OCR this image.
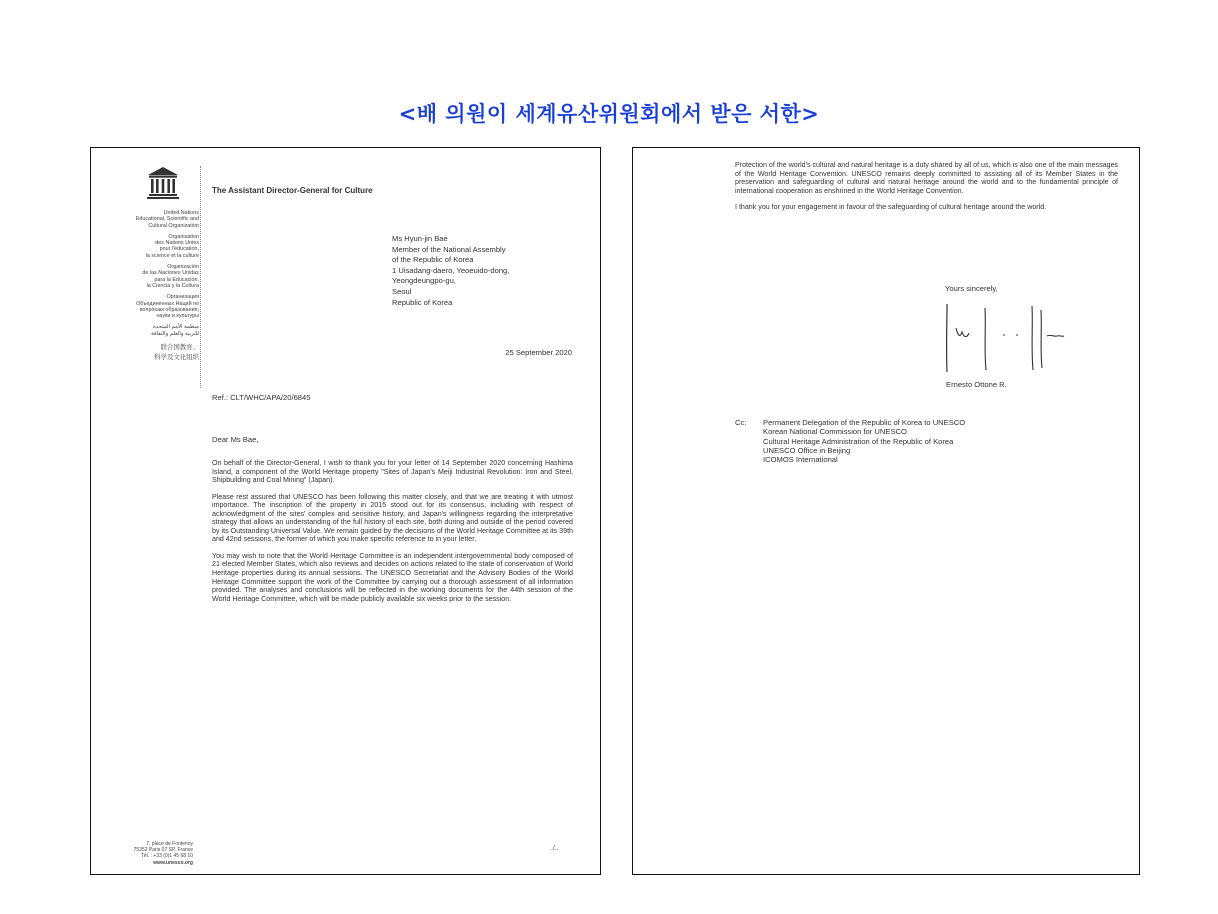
<배 의원이 세계유산위원회에서 받은 서한>
United Nations
Educational, Scientific and
Cultural Organization
Organisation
des Nations Unies
pour l'éducation,
la science et la culture
Organización
de las Naciones Unidas
para la Educación,
la Ciencia y la Cultura
Организация
Объединенных Наций по
вопросам образования,
науки и культуры
منظمة الأمم المتحدة
للتربية والعلم والثقافة
联合国教育、
科学及文化组织
The Assistant Director-General for Culture
Ms Hyun-jin Bae
Member of the National Assembly
of the Republic of Korea
1 Uisadang-daero, Yeoeuido-dong,
Yeongdeungpo-gu,
Seoul
Republic of Korea
25 September 2020
Ref.: CLT/WHC/APA/20/6845
Dear Ms Bae,

On behalf of the Director-General, I wish to thank you for your letter of 14 September 2020 concerning Hashima Island, a component of the World Heritage property "Sites of Japan's Meiji Industrial Revolution: Iron and Steel, Shipbuilding and Coal Mining" (Japan).

Please rest assured that UNESCO has been following this matter closely, and that we are treating it with utmost importance. The inscription of the property in 2015 stood out for its consensus, including with respect of acknowledgment of the sites' complex and sensitive history, and Japan's willingness regarding the interpretative strategy that allows an understanding of the full history of each site, both during and outside of the period covered by its Outstanding Universal Value. We remain guided by the decisions of the World Heritage Committee at its 39th and 42nd sessions, the former of which you make specific reference to in your letter.

You may wish to note that the World Heritage Committee is an independent intergovernmental body composed of 21 elected Member States, which also reviews and decides on actions related to the state of conservation of World Heritage properties during its annual sessions. The UNESCO Secretariat and the Advisory Bodies of the World Heritage Committee support the work of the Committee by carrying out a thorough assessment of all information provided. The analyses and conclusions will be reflected in the working documents for the 44th session of the World Heritage Committee, which will be made publicly available six weeks prior to the session.

7, place de Fontenoy
75352 Paris 07 SP, France
Tél. : +33 (0)1 45 68 10
www.unesco.org
../..

Protection of the world's cultural and natural heritage is a duty shared by all of us, which is also one of the main messages of the World Heritage Convention. UNESCO remains deeply committed to assisting all of its Member States in the preservation and safeguarding of cultural and natural heritage around the world and to the fundamental principle of international cooperation as enshrined in the World Heritage Convention.

I thank you for your engagement in favour of the safeguarding of cultural heritage around the world.

Yours sincerely,
Ernesto Ottone R.
Cc: Permanent Delegation of the Republic of Korea to UNESCO
Korean National Commission for UNESCO
Cultural Heritage Administration of the Republic of Korea
UNESCO Office in Beijing
ICOMOS International
